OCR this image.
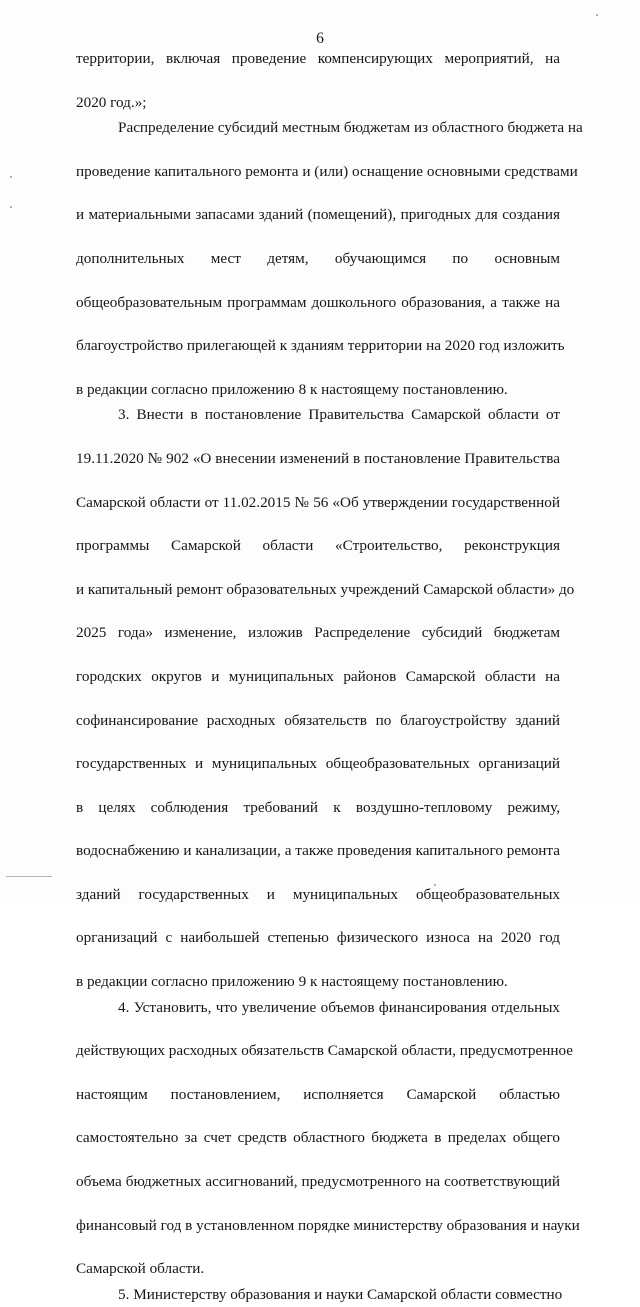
6

территории, включая проведение компенсирующих мероприятий, на

2020 год.»;

Распределение субсидий местным бюджетам из областного бюджета на

проведение капитального ремонта и (или) оснащение основными средствами

и материальными запасами зданий (помещений), пригодных для создания

дополнительных мест детям, обучающимся по основным

общеобразовательным программам дошкольного образования, а также на

благоустройство прилегающей к зданиям территории на 2020 год изложить

в редакции согласно приложению 8 к настоящему постановлению.

3. Внести в постановление Правительства Самарской области от

19.11.2020 № 902 «О внесении изменений в постановление Правительства

Самарской области от 11.02.2015 № 56 «Об утверждении государственной

программы Самарской области «Строительство, реконструкция

и капитальный ремонт образовательных учреждений Самарской области» до

2025 года» изменение, изложив Распределение субсидий бюджетам

городских округов и муниципальных районов Самарской области на

софинансирование расходных обязательств по благоустройству зданий

государственных и муниципальных общеобразовательных организаций

в целях соблюдения требований к воздушно-тепловому режиму,

водоснабжению и канализации, а также проведения капитального ремонта

зданий государственных и муниципальных общеобразовательных

организаций с наибольшей степенью физического износа на 2020 год

в редакции согласно приложению 9 к настоящему постановлению.

4. Установить, что увеличение объемов финансирования отдельных

действующих расходных обязательств Самарской области, предусмотренное

настоящим постановлением, исполняется Самарской областью

самостоятельно за счет средств областного бюджета в пределах общего

объема бюджетных ассигнований, предусмотренного на соответствующий

финансовый год в установленном порядке министерству образования и науки

Самарской области.

5. Министерству образования и науки Самарской области совместно
